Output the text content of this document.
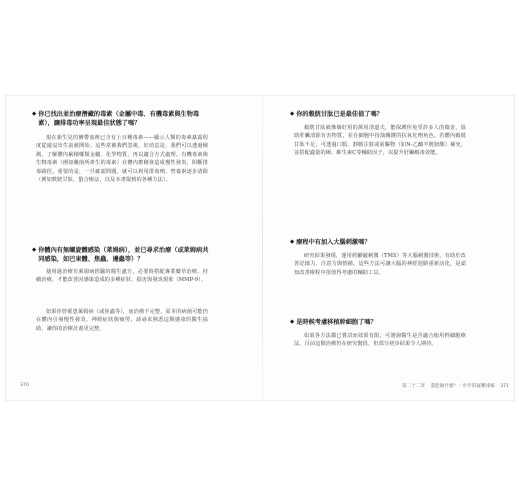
◆ 你已找出並治療潛藏的毒素（金屬中毒、有機毒素與生物毒素），讓排毒功率呈現最佳狀態了嗎？
現在新生兒的臍帶血裡已含有上百種毒素——顯示人類的毒素暴露程度從還沒出生前就開始。這些常被我們忽視，好消息是，我們可以透過檢測，了解體內累積哪類金屬、化學物質，再以適合方式處理。有機毒素與生物毒素（例如黴菌所產生的毒素）在體內蓄積會造成慢性發炎，阻斷排毒路徑。重要的是，一旦確認問題，就可以利用排毒劑、營養素逐步清除（例如麩胱甘肽、螯合療法，以及本書提到的各種方法）。
◆ 你體內有無螺旋體感染（萊姆病），並已尋求治療（或萊姆病共同感染，如巴東體、焦蟲、邊蟲等）？
使用過治療有萊姆病經驗的醫生處方，必要時搭配專業藥草治療，持續治療，才能改善因感染造成的多種症狀、損害與發炎現象（MMP-9）。
如果你曾罹患萊姆病（或焦蟲等），而治療不完整，原本的病菌可能仍在體內引發慢性發炎、神經症狀與疲勞。請尋求熟悉這類感染的醫生協助，讓你的治療計畫更完整。
370
◆ 你的穀胱甘肽已是最佳值了嗎？
穀胱甘肽就像個好用的萬用清道夫，能保護你免受許多人的傷害，協助肝臟清除有害物質，並在細胞中扮演關鍵的抗氧化劑角色。若體內穀胱甘肽不足，可透過口服、靜脈注射或前驅物（如N-乙醯半胱胺酸）補充，並搭配適量的硒、維生素C等輔助因子，以提升肝臟解毒效能。
◆ 療程中有加入大腦刺激嗎？
研究結果發現，運用經顱磁刺激（TMS）等大腦刺激技術，有助於改善記憶力、注意力與情緒。這些方法可讓大腦的神經迴路重新活化，是認知改善療程中很值得考慮的輔助工具。
◆ 是時候考慮移植幹細胞了嗎？
如果各方法都已嘗試而效果有限，可諮詢醫生是否適合使用幹細胞療法。目前這類治療仍在研究階段，但部分初步結果令人期待。
第二十二章 還能做什麼？一步步的疑難排解 371
